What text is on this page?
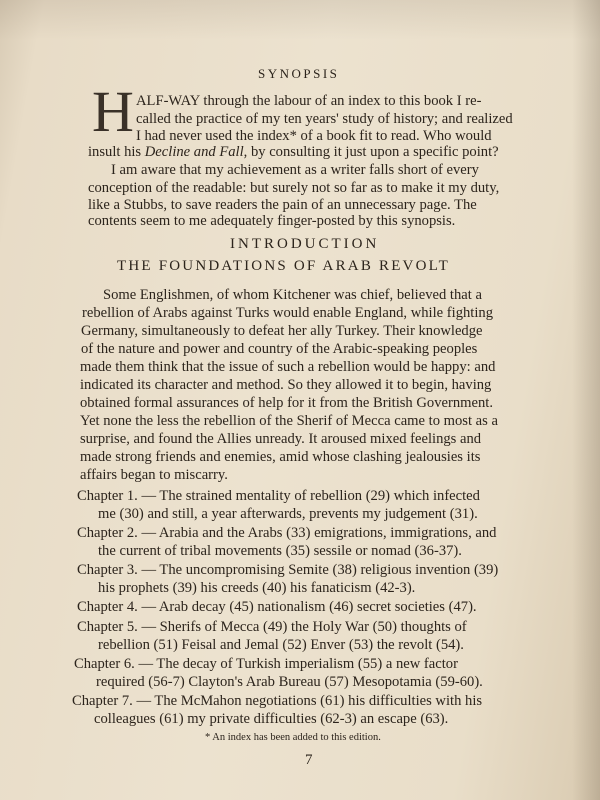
SYNOPSIS
H ALF-WAY through the labour of an index to this book I re-
called the practice of my ten years' study of history; and realized
I had never used the index* of a book fit to read. Who would
insult his Decline and Fall, by consulting it just upon a specific point?
I am aware that my achievement as a writer falls short of every
conception of the readable: but surely not so far as to make it my duty,
like a Stubbs, to save readers the pain of an unnecessary page. The
contents seem to me adequately finger-posted by this synopsis.
INTRODUCTION
THE FOUNDATIONS OF ARAB REVOLT
Some Englishmen, of whom Kitchener was chief, believed that a
rebellion of Arabs against Turks would enable England, while fighting
Germany, simultaneously to defeat her ally Turkey. Their knowledge
of the nature and power and country of the Arabic-speaking peoples
made them think that the issue of such a rebellion would be happy: and
indicated its character and method. So they allowed it to begin, having
obtained formal assurances of help for it from the British Government.
Yet none the less the rebellion of the Sherif of Mecca came to most as a
surprise, and found the Allies unready. It aroused mixed feelings and
made strong friends and enemies, amid whose clashing jealousies its
affairs began to miscarry.
Chapter 1. — The strained mentality of rebellion (29) which infected
me (30) and still, a year afterwards, prevents my judgement (31).
Chapter 2. — Arabia and the Arabs (33) emigrations, immigrations, and
the current of tribal movements (35) sessile or nomad (36-37).
Chapter 3. — The uncompromising Semite (38) religious invention (39)
his prophets (39) his creeds (40) his fanaticism (42-3).
Chapter 4. — Arab decay (45) nationalism (46) secret societies (47).
Chapter 5. — Sherifs of Mecca (49) the Holy War (50) thoughts of
rebellion (51) Feisal and Jemal (52) Enver (53) the revolt (54).
Chapter 6. — The decay of Turkish imperialism (55) a new factor
required (56-7) Clayton's Arab Bureau (57) Mesopotamia (59-60).
Chapter 7. — The McMahon negotiations (61) his difficulties with his
colleagues (61) my private difficulties (62-3) an escape (63).
* An index has been added to this edition.
7
